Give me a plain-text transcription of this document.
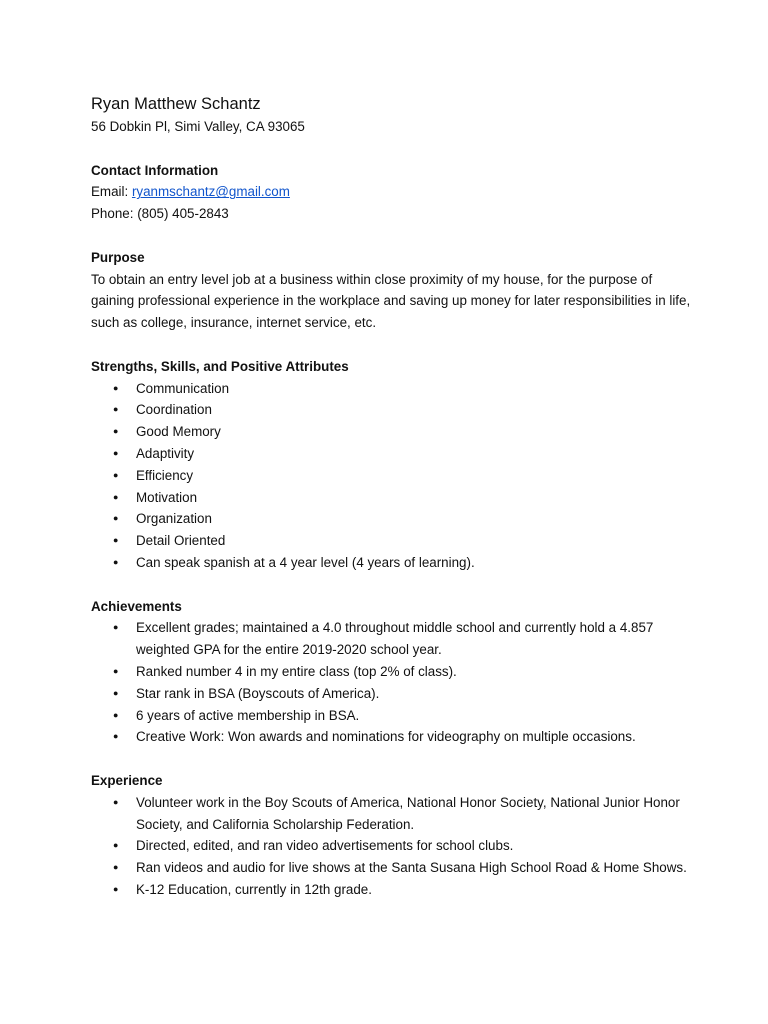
Ryan Matthew Schantz

56 Dobkin Pl, Simi Valley, CA 93065

Contact Information

Email: ryanmschantz@gmail.com

Phone: (805) 405-2843

Purpose

To obtain an entry level job at a business within close proximity of my house, for the purpose of gaining professional experience in the workplace and saving up money for later responsibilities in life, such as college, insurance, internet service, etc.

Strengths, Skills, and Positive Attributes

● Communication
● Coordination
● Good Memory
● Adaptivity
● Efficiency
● Motivation
● Organization
● Detail Oriented
● Can speak spanish at a 4 year level (4 years of learning).

Achievements

● Excellent grades; maintained a 4.0 throughout middle school and currently hold a 4.857 weighted GPA for the entire 2019-2020 school year.
● Ranked number 4 in my entire class (top 2% of class).
● Star rank in BSA (Boyscouts of America).
● 6 years of active membership in BSA.
● Creative Work: Won awards and nominations for videography on multiple occasions.

Experience

● Volunteer work in the Boy Scouts of America, National Honor Society, National Junior Honor Society, and California Scholarship Federation.
● Directed, edited, and ran video advertisements for school clubs.
● Ran videos and audio for live shows at the Santa Susana High School Road & Home Shows.
● K-12 Education, currently in 12th grade.
